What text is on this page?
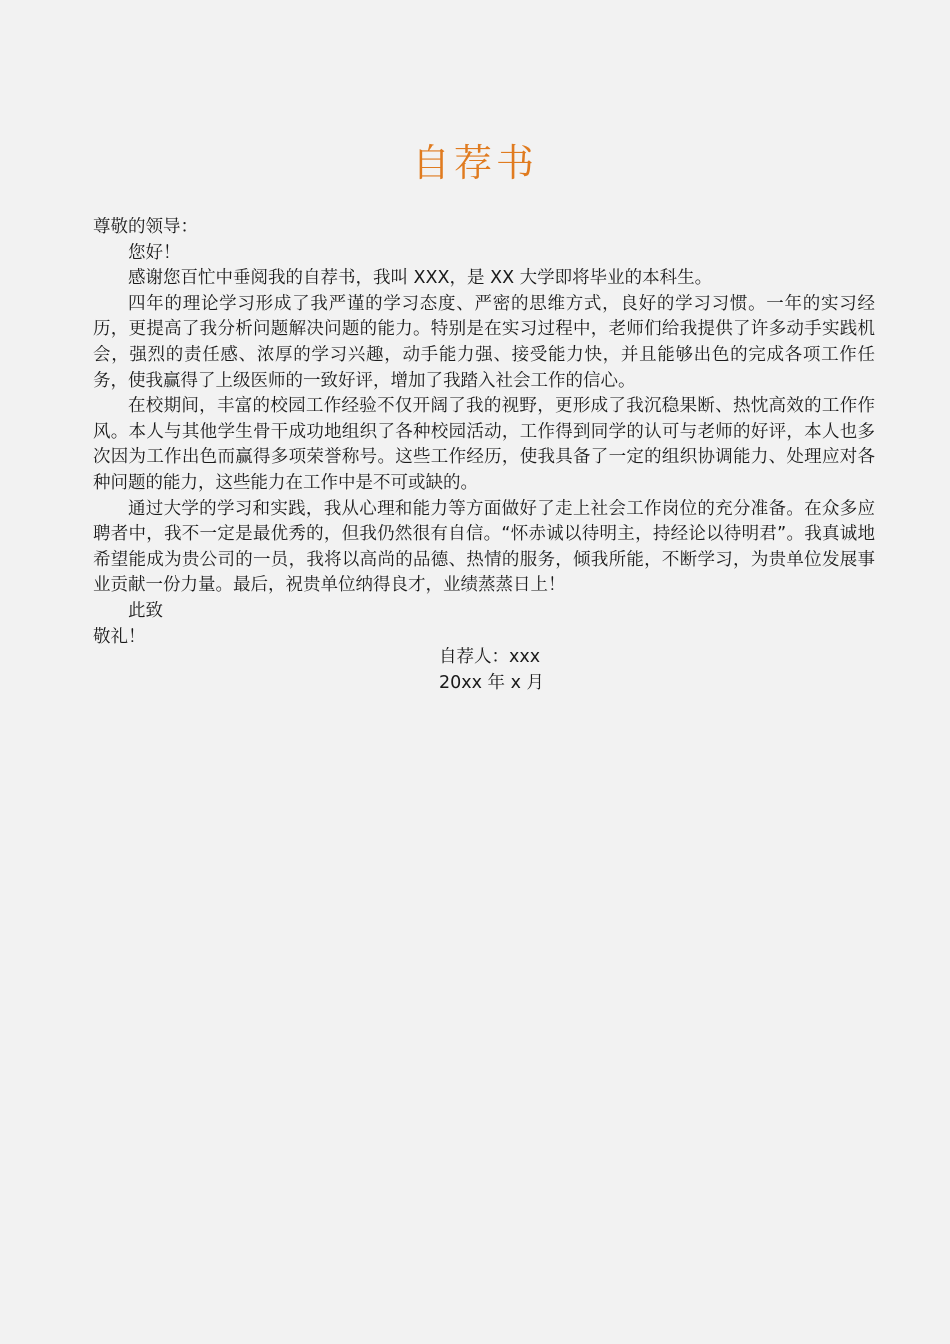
自荐书

尊敬的领导：

您好！

感谢您百忙中垂阅我的自荐书，我叫 XXX，是 XX 大学即将毕业的本科生。

四年的理论学习形成了我严谨的学习态度、严密的思维方式，良好的学习习惯。一年的实习经历，更提高了我分析问题解决问题的能力。特别是在实习过程中，老师们给我提供了许多动手实践机会，强烈的责任感、浓厚的学习兴趣，动手能力强、接受能力快，并且能够出色的完成各项工作任务，使我赢得了上级医师的一致好评，增加了我踏入社会工作的信心。

在校期间，丰富的校园工作经验不仅开阔了我的视野，更形成了我沉稳果断、热忱高效的工作作风。本人与其他学生骨干成功地组织了各种校园活动，工作得到同学的认可与老师的好评，本人也多次因为工作出色而赢得多项荣誉称号。这些工作经历，使我具备了一定的组织协调能力、处理应对各种问题的能力，这些能力在工作中是不可或缺的。

通过大学的学习和实践，我从心理和能力等方面做好了走上社会工作岗位的充分准备。在众多应聘者中，我不一定是最优秀的，但我仍然很有自信。“怀赤诚以待明主，持经论以待明君”。我真诚地希望能成为贵公司的一员，我将以高尚的品德、热情的服务，倾我所能，不断学习，为贵单位发展事业贡献一份力量。最后，祝贵单位纳得良才，业绩蒸蒸日上！

此致

敬礼！

自荐人：xxx
20xx 年 x 月
